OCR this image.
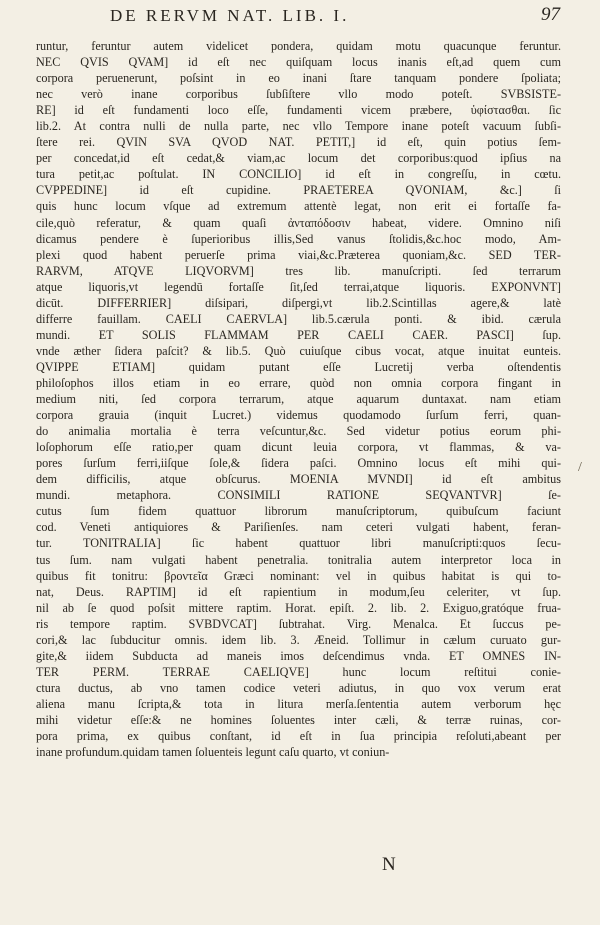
DE RERVM NAT. LIB. I.	97
runtur, feruntur autem videlicet pondera, quidam motu quacunque feruntur.
NEC QVIS QVAM] id eſt nec quiſquam locus inanis eſt,ad quem cum
corpora peruenerunt, poſsint in eo inani ſtare tanquam pondere ſpoliata;
nec verò inane corporibus ſubſiſtere vllo modo poteſt. SVBSISTE-
RE] id eſt fundamenti loco eſſe, fundamenti vicem præbere, ὑφίστασθαι. ſic
lib.2. At contra nulli de nulla parte, nec vllo Tempore inane poteſt vacuum ſubſi-
ſtere rei. QVIN SVA QVOD NAT. PETIT,] id eſt, quin potius ſem-
per concedat,id eſt cedat,& viam,ac locum det corporibus:quod ipſius na
tura petit,ac poſtulat. IN CONCILIO] id eſt in congreſſu, in cœtu.
CVPPEDINE] id eſt cupidine. PRAETEREA QVONIAM, &c.] ſi
quis hunc locum vſque ad extremum attentè legat, non erit ei fortaſſe fa-
cile,quò referatur, & quam quaſi ἀνταπόδοσιν habeat, videre. Omnino niſi
dicamus pendere è ſuperioribus illis,Sed vanus ſtolidis,&c.hoc modo, Am-
plexi quod habent peruerſe prima viai,&c.Præterea quoniam,&c. SED TER-
RARVM, ATQVE LIQVORVM] tres lib. manuſcripti. ſed terrarum
atque liquoris,vt legendū fortaſſe ſit,ſed terrai,atque liquoris. EXPONVNT]
dicūt. DIFFERRIER] diſsipari, diſpergi,vt lib.2.Scintillas agere,& latè
differre fauillam. CAELI CAERVLA] lib.5.cærula ponti. & ibid. cærula
mundi. ET SOLIS FLAMMAM PER CAELI CAER. PASCI] ſup.
vnde æther ſidera paſcit? & lib.5. Quò cuiuſque cibus vocat, atque inuitat eunteis.
QVIPPE ETIAM] quidam putant eſſe Lucretij verba oſtendentis
philoſophos illos etiam in eo errare, quòd non omnia corpora fingant in
medium niti, ſed corpora terrarum, atque aquarum duntaxat. nam etiam
corpora grauia (inquit Lucret.) videmus quodamodo ſurſum ferri, quan-
do animalia mortalia è terra veſcuntur,&c. Sed videtur potius eorum phi-
loſophorum eſſe ratio,per quam dicunt leuia corpora, vt flammas, & va-
pores ſurſum ferri,iiſque ſole,& ſidera paſci. Omnino locus eſt mihi qui-
dem difficilis, atque obſcurus. MOENIA MVNDI] id eſt ambitus
mundi. metaphora. CONSIMILI RATIONE SEQVANTVR] ſe-
cutus ſum fidem quattuor librorum manuſcriptorum, quibuſcum faciunt
cod. Veneti antiquiores & Pariſienſes. nam ceteri vulgati habent, feran-
tur. TONITRALIA] ſic habent quattuor libri manuſcripti:quos ſecu-
tus ſum. nam vulgati habent penetralia. tonitralia autem interpretor loca in
quibus fit tonitru: βροντεῖα Græci nominant: vel in quibus habitat is qui to-
nat, Deus. RAPTIM] id eſt rapientium in modum,ſeu celeriter, vt ſup.
nil ab ſe quod poſsit mittere raptim. Horat. epiſt. 2. lib. 2. Exiguo,gratóque frua-
ris tempore raptim. SVBDVCAT] ſubtrahat. Virg. Menalca. Et ſuccus pe-
cori,& lac ſubducitur omnis. idem lib. 3. Æneid. Tollimur in cælum curuato gur-
gite,& iidem Subducta ad maneis imos deſcendimus vnda. ET OMNES IN-
TER PERM. TERRAE CAELIQVE] hunc locum reſtitui conie-
ctura ductus, ab vno tamen codice veteri adiutus, in quo vox verum erat
aliena manu ſcripta,& tota in litura merſa.ſententia autem verborum hęc
mihi videtur eſſe:& ne homines ſoluentes inter cæli, & terræ ruinas, cor-
pora prima, ex quibus conſtant, id eſt in ſua principia reſoluti,abeant per
inane profundum.quidam tamen ſoluenteis legunt caſu quarto, vt coniun-
/
N
